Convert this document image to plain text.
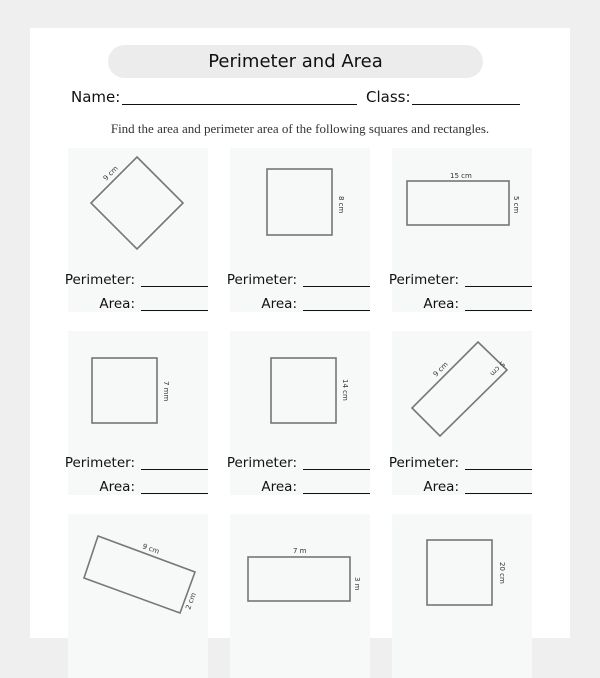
Perimeter and Area
Name:	Class:
Find the area and perimeter area of the following squares and rectangles.
9 cm
8 cm
15 cm
5 cm
7 mm	14 cm
9 cm	5 cm
9 cm
2 cm
7 m
3 m	20 cm
Perimeter:
Area:
Perimeter:
Area:
Perimeter:
Area:
Perimeter:
Area:
Perimeter:
Area:
Perimeter:
Area:
